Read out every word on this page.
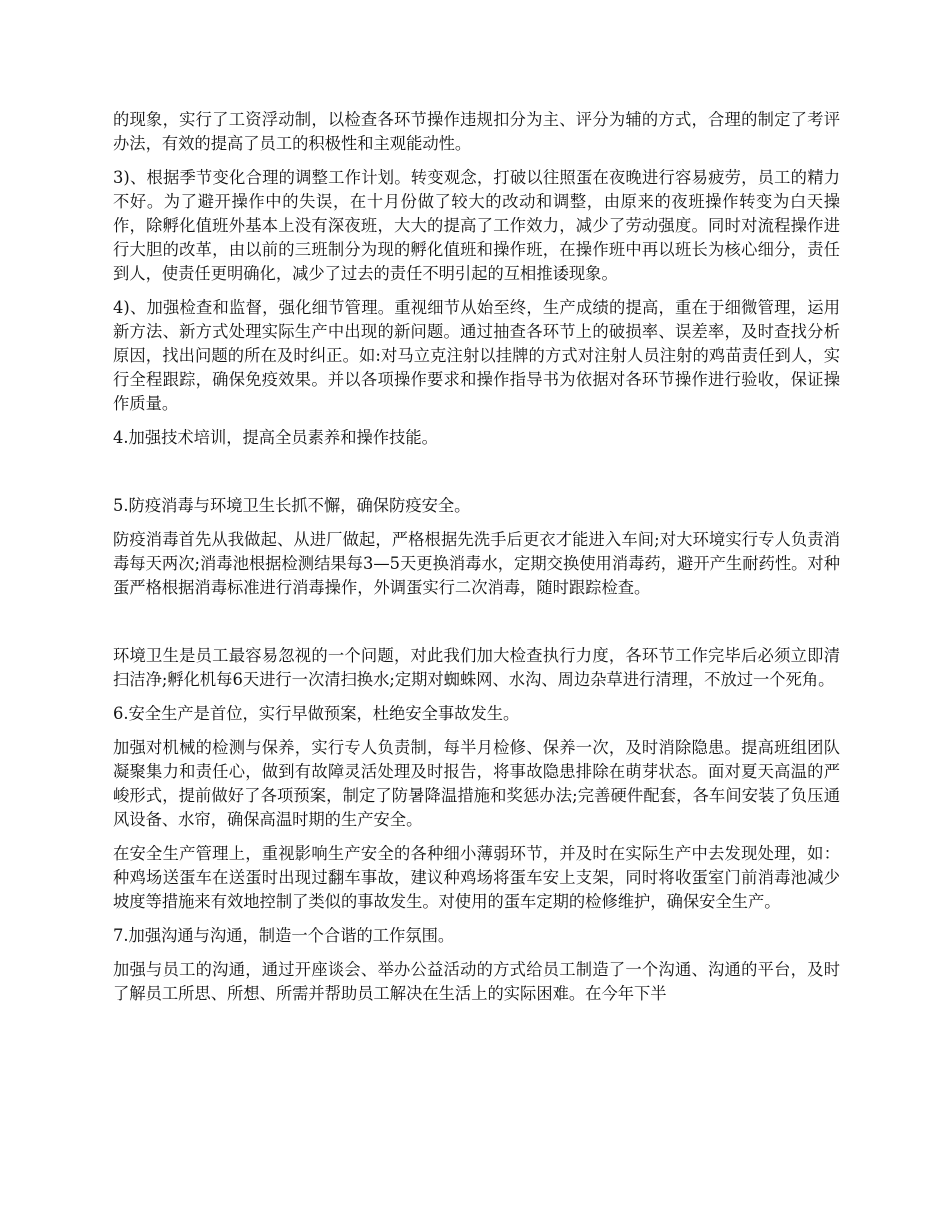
的现象，实行了工资浮动制，以检查各环节操作违规扣分为主、评分为辅的方式，合理的制定了考评办法，有效的提高了员工的积极性和主观能动性。

3)、根据季节变化合理的调整工作计划。转变观念，打破以往照蛋在夜晚进行容易疲劳，员工的精力不好。为了避开操作中的失误，在十月份做了较大的改动和调整，由原来的夜班操作转变为白天操作，除孵化值班外基本上没有深夜班，大大的提高了工作效力，减少了劳动强度。同时对流程操作进行大胆的改革，由以前的三班制分为现的孵化值班和操作班，在操作班中再以班长为核心细分，责任到人，使责任更明确化，减少了过去的责任不明引起的互相推诿现象。

4)、加强检查和监督，强化细节管理。重视细节从始至终，生产成绩的提高，重在于细微管理，运用新方法、新方式处理实际生产中出现的新问题。通过抽查各环节上的破损率、误差率，及时查找分析原因，找出问题的所在及时纠正。如:对马立克注射以挂牌的方式对注射人员注射的鸡苗责任到人，实行全程跟踪，确保免疫效果。并以各项操作要求和操作指导书为依据对各环节操作进行验收，保证操作质量。

4.加强技术培训，提高全员素养和操作技能。

5.防疫消毒与环境卫生长抓不懈，确保防疫安全。

防疫消毒首先从我做起、从进厂做起，严格根据先洗手后更衣才能进入车间;对大环境实行专人负责消毒每天两次;消毒池根据检测结果每3—5天更换消毒水，定期交换使用消毒药，避开产生耐药性。对种蛋严格根据消毒标准进行消毒操作，外调蛋实行二次消毒，随时跟踪检查。

环境卫生是员工最容易忽视的一个问题，对此我们加大检查执行力度，各环节工作完毕后必须立即清扫洁净;孵化机每6天进行一次清扫换水;定期对蜘蛛网、水沟、周边杂草进行清理，不放过一个死角。

6.安全生产是首位，实行早做预案，杜绝安全事故发生。

加强对机械的检测与保养，实行专人负责制，每半月检修、保养一次，及时消除隐患。提高班组团队凝聚集力和责任心，做到有故障灵活处理及时报告，将事故隐患排除在萌芽状态。面对夏天高温的严峻形式，提前做好了各项预案，制定了防暑降温措施和奖惩办法;完善硬件配套，各车间安装了负压通风设备、水帘，确保高温时期的生产安全。

在安全生产管理上，重视影响生产安全的各种细小薄弱环节，并及时在实际生产中去发现处理，如：种鸡场送蛋车在送蛋时出现过翻车事故，建议种鸡场将蛋车安上支架，同时将收蛋室门前消毒池减少坡度等措施来有效地控制了类似的事故发生。对使用的蛋车定期的检修维护，确保安全生产。

7.加强沟通与沟通，制造一个合谐的工作氛围。

加强与员工的沟通，通过开座谈会、举办公益活动的方式给员工制造了一个沟通、沟通的平台，及时了解员工所思、所想、所需并帮助员工解决在生活上的实际困难。在今年下半
